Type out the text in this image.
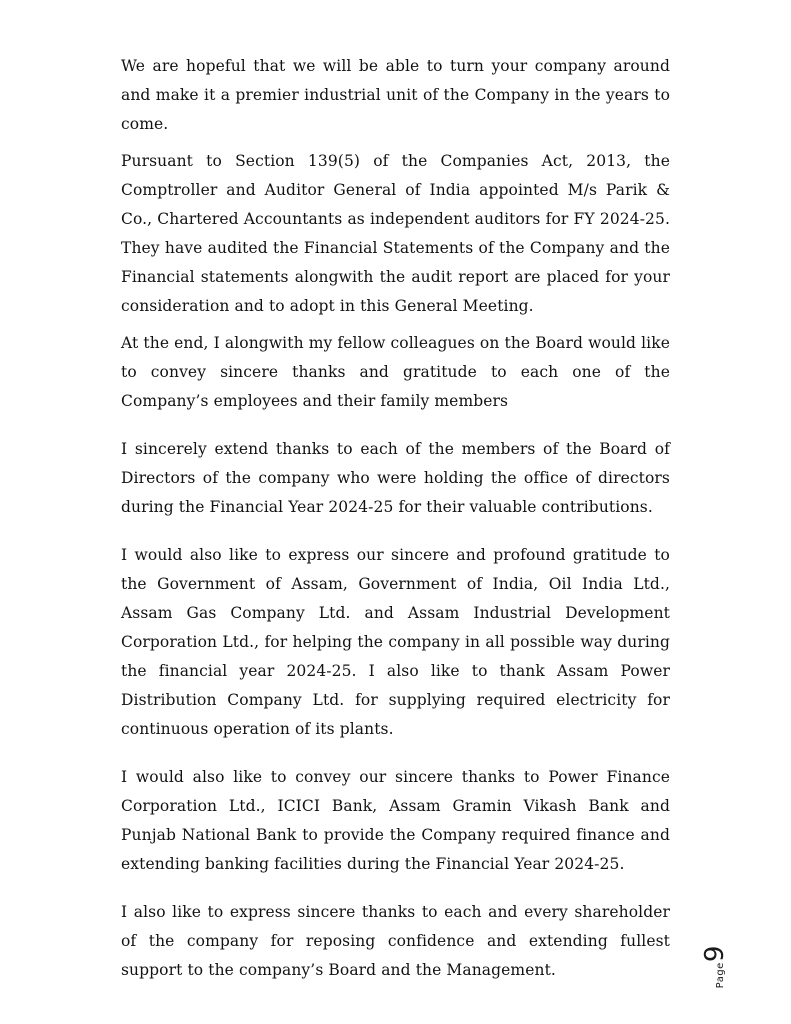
We are hopeful that we will be able to turn your company around and make it a premier industrial unit of the Company in the years to come.

Pursuant to Section 139(5) of the Companies Act, 2013, the Comptroller and Auditor General of India appointed M/s Parik & Co., Chartered Accountants as independent auditors for FY 2024-25. They have audited the Financial Statements of the Company and the Financial statements alongwith the audit report are placed for your consideration and to adopt in this General Meeting.

At the end, I alongwith my fellow colleagues on the Board would like to convey sincere thanks and gratitude to each one of the Company’s employees and their family members

I sincerely extend thanks to each of the members of the Board of Directors of the company who were holding the office of directors during the Financial Year 2024-25 for their valuable contributions.

I would also like to express our sincere and profound gratitude to the Government of Assam, Government of India, Oil India Ltd., Assam Gas Company Ltd. and Assam Industrial Development Corporation Ltd., for helping the company in all possible way during the financial year 2024-25. I also like to thank Assam Power Distribution Company Ltd. for supplying required electricity for continuous operation of its plants.

I would also like to convey our sincere thanks to Power Finance Corporation Ltd., ICICI Bank, Assam Gramin Vikash Bank and Punjab National Bank to provide the Company required finance and extending banking facilities during the Financial Year 2024-25.

I also like to express sincere thanks to each and every shareholder of the company for reposing confidence and extending fullest support to the company’s Board and the Management.	Page9
